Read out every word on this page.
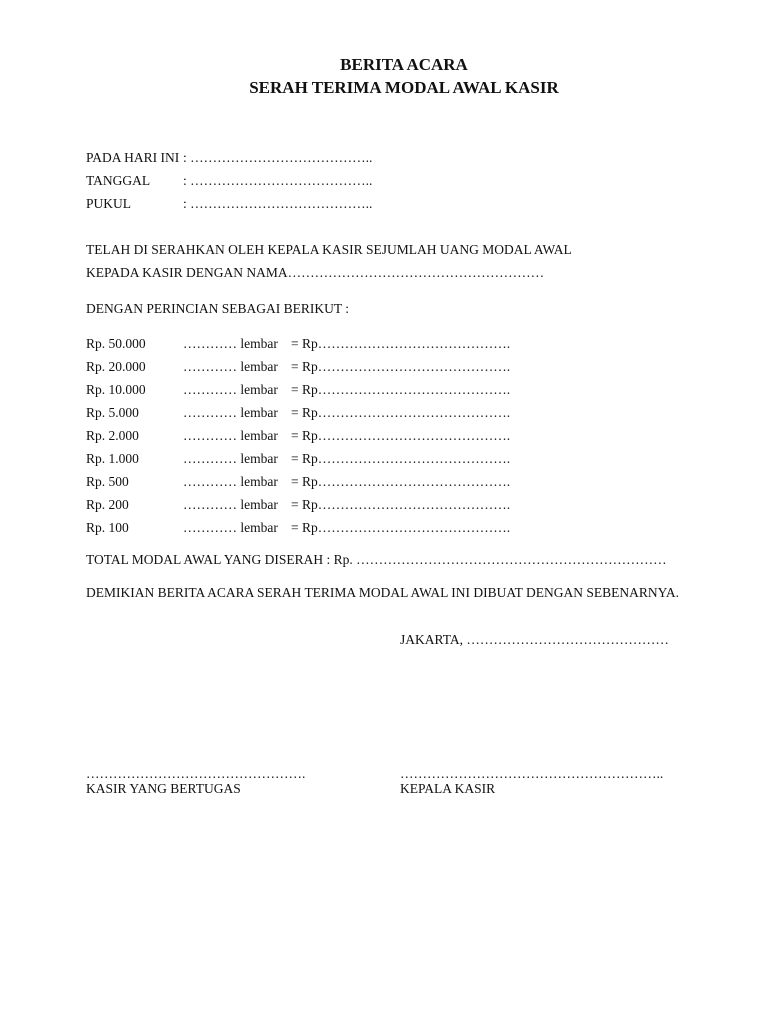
BERITA ACARA
SERAH TERIMA MODAL AWAL KASIR
PADA HARI INI : …………………………………..
TANGGAL : …………………………………..
PUKUL	: …………………………………..
TELAH DI SERAHKAN OLEH KEPALA KASIR SEJUMLAH UANG MODAL AWAL
KEPADA KASIR DENGAN NAMA…………………………………………………
DENGAN PERINCIAN SEBAGAI BERIKUT :
Rp. 50.000	………… lembar = Rp…………………………………….
Rp. 20.000	………… lembar = Rp…………………………………….
Rp. 10.000	………… lembar = Rp…………………………………….
Rp. 5.000	………… lembar = Rp…………………………………….
Rp. 2.000	………… lembar = Rp…………………………………….
Rp. 1.000	………… lembar = Rp…………………………………….
Rp. 500	………… lembar = Rp…………………………………….
Rp. 200	………… lembar = Rp…………………………………….
Rp. 100	………… lembar = Rp…………………………………….
TOTAL MODAL AWAL YANG DISERAH : Rp. ……………………………………………………………
DEMIKIAN BERITA ACARA SERAH TERIMA MODAL AWAL INI DIBUAT DENGAN SEBENARNYA.
JAKARTA, ………………………………………
………………………………………….
KASIR YANG BERTUGAS
…………………………………………………..
KEPALA KASIR
